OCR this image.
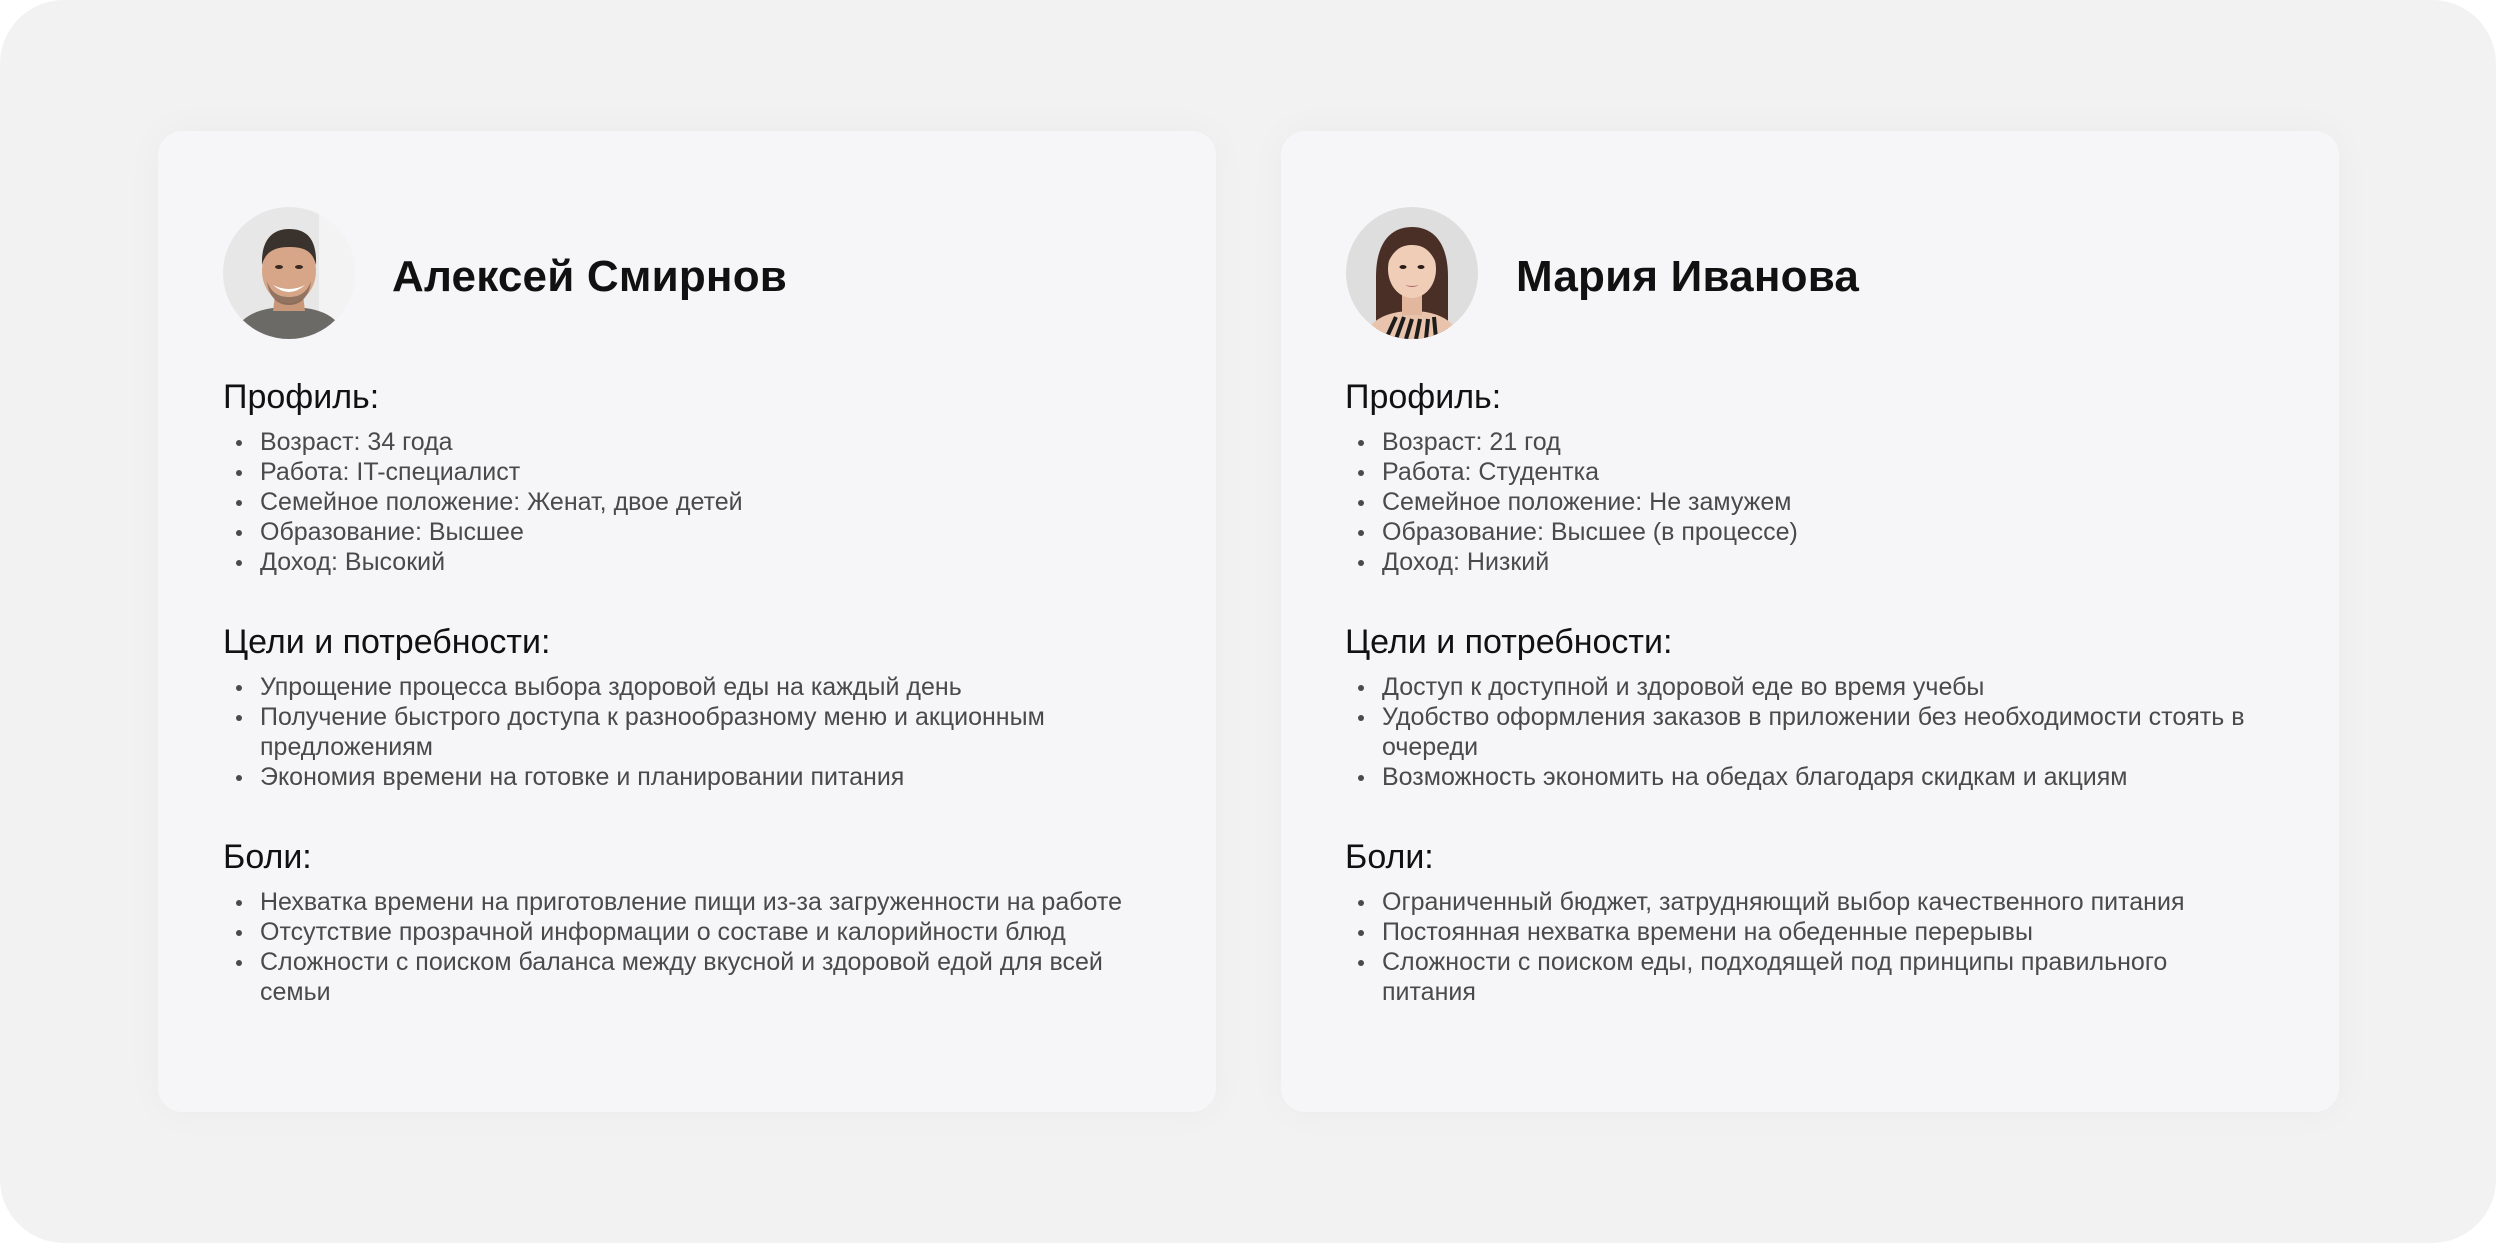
Алексей Смирнов
Профиль:
Возраст: 34 года
Работа: IT-специалист
Семейное положение: Женат, двое детей
Образование: Высшее
Доход: Высокий
Цели и потребности:
Упрощение процесса выбора здоровой еды на каждый день
Получение быстрого доступа к разнообразному меню и акционным предложениям
Экономия времени на готовке и планировании питания
Боли:
Нехватка времени на приготовление пищи из-за загруженности на работе
Отсутствие прозрачной информации о составе и калорийности блюд
Сложности с поиском баланса между вкусной и здоровой едой для всей семьи
Мария Иванова
Профиль:
Возраст: 21 год
Работа: Студентка
Семейное положение: Не замужем
Образование: Высшее (в процессе)
Доход: Низкий
Цели и потребности:
Доступ к доступной и здоровой еде во время учебы
Удобство оформления заказов в приложении без необходимости стоять в очереди
Возможность экономить на обедах благодаря скидкам и акциям
Боли:
Ограниченный бюджет, затрудняющий выбор качественного питания
Постоянная нехватка времени на обеденные перерывы
Сложности с поиском еды, подходящей под принципы правильного питания
